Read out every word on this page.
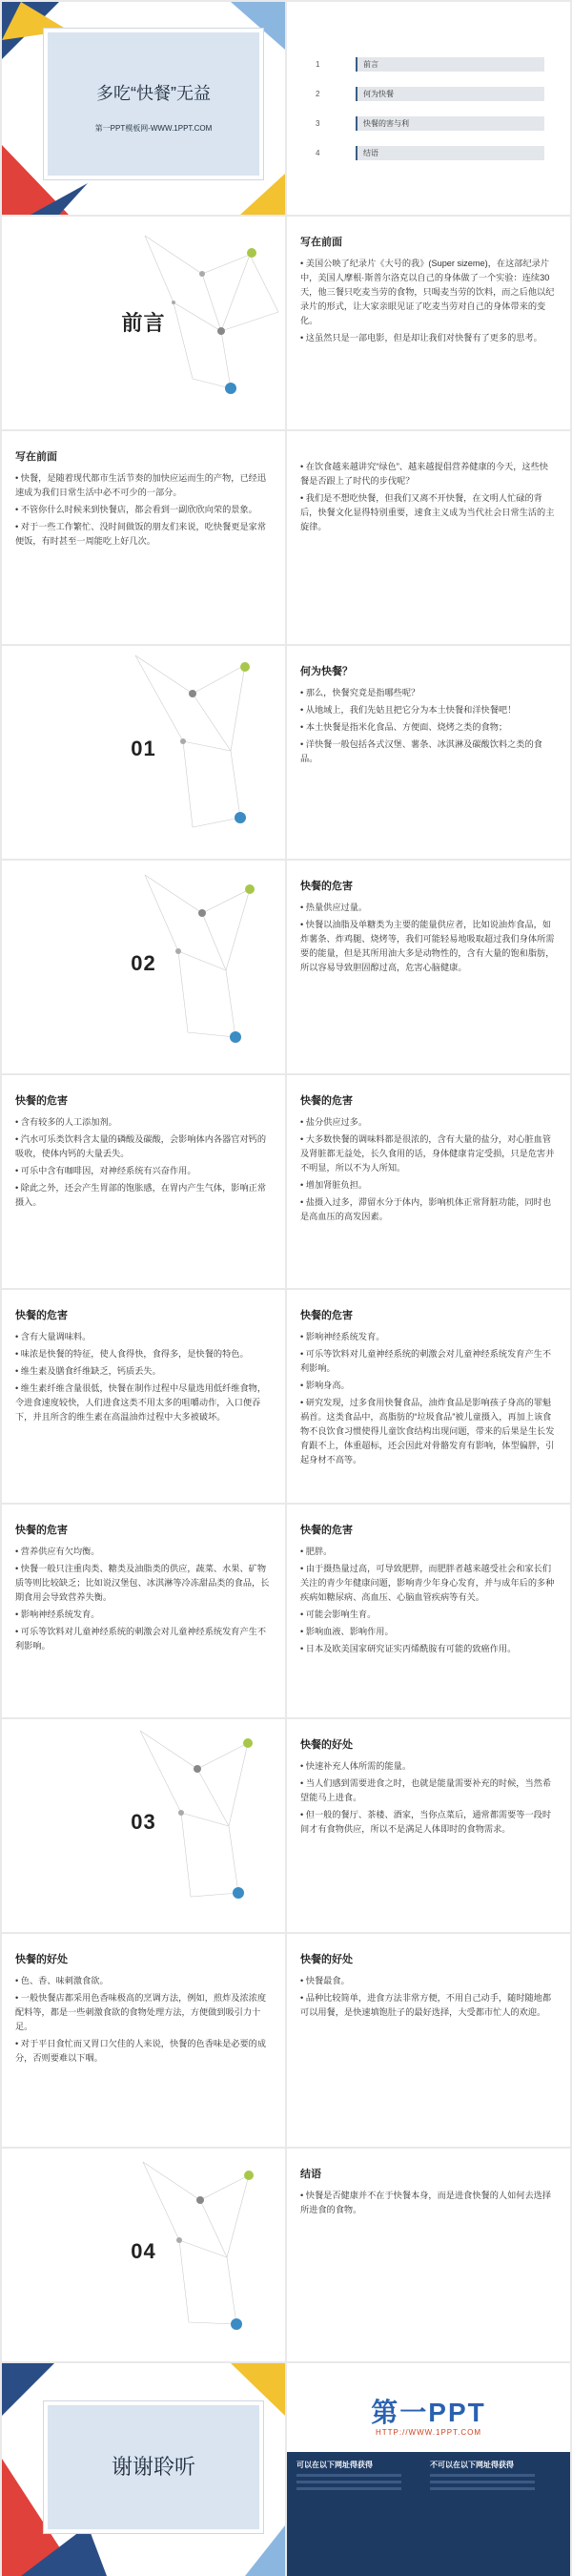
多吃“快餐”无益
第一PPT模板网-WWW.1PPT.COM
1	前言
2	何为快餐
3	快餐的害与利
4	结语
前言
写在前面
• 美国公映了纪录片《大号的我》(Super sizeme)，在这部纪录片中，美国人摩根·斯普尔洛克以自己的身体做了一个实验：连续30天，他三餐只吃麦当劳的食物，只喝麦当劳的饮料，而之后他以纪录片的形式，让大家亲眼见证了吃麦当劳对自己的身体带来的变化。
• 这虽然只是一部电影，但是却让我们对快餐有了更多的思考。
写在前面
• 快餐，是随着现代都市生活节奏的加快应运而生的产物，已经迅速成为我们日常生活中必不可少的一部分。
• 不管你什么时候来到快餐店，都会看到一副欣欣向荣的景象。
• 对于一些工作繁忙、没时间做饭的朋友们来说，吃快餐更是家常便饭，有时甚至一周能吃上好几次。
• 在饮食越来越讲究“绿色”、越来越提倡营养健康的今天，这些快餐是否跟上了时代的步伐呢？
• 我们是不想吃快餐，但我们又离不开快餐，在文明人忙碌的背后，快餐文化显得特别重要，速食主义成为当代社会日常生活的主旋律。
01
何为快餐？
• 那么，快餐究竟是指哪些呢？
• 从地域上，我们先姑且把它分为本土快餐和洋快餐吧！
• 本土快餐是指米化食品、方便面、烧烤之类的食物；
• 洋快餐一般包括各式汉堡、薯条、冰淇淋及碳酸饮料之类的食品。
02
快餐的危害
• 热量供应过量。
• 快餐以油脂及单糖类为主要的能量供应者，比如说油炸食品，如炸薯条、炸鸡腿、烧烤等，我们可能轻易地吸取超过我们身体所需要的能量，但是其所用油大多是动物性的，含有大量的饱和脂肪，所以容易导致胆固醇过高，危害心脑健康。
快餐的危害
• 含有较多的人工添加剂。
• 汽水可乐类饮料含太量的磷酸及碳酸，会影响体内各器官对钙的吸收，使体内钙的大量丢失。
• 可乐中含有咖啡因，对神经系统有兴奋作用。
• 除此之外，还会产生胃部的饱胀感，在胃内产生气体，影响正常摄入。
快餐的危害
• 盐分供应过多。
• 大多数快餐的调味料都是很浓的，含有大量的盐分，对心脏血管及肾脏都无益处，长久食用的话，身体健康肯定受损，只是危害并不明显，所以不为人所知。
• 增加肾脏负担。
• 盐摄入过多，滞留水分于体内，影响机体正常肾脏功能，同时也是高血压的高发因素。
快餐的危害
• 含有大量调味料。
• 味浓是快餐的特征，使人食得快，食得多，是快餐的特色。
• 维生素及膳食纤维缺乏，钙质丢失。
• 维生素纤维含量很低，快餐在制作过程中尽量选用低纤维食物，令进食速度较快，人们进食这类不用太多的咀嚼动作，入口便吞下，并且所含的维生素在高温油炸过程中大多被破坏。
快餐的危害
• 影响神经系统发育。
• 可乐等饮料对儿童神经系统的刺激会对儿童神经系统发育产生不利影响。
• 影响身高。
• 研究发现，过多食用快餐食品，油炸食品是影响孩子身高的罪魁祸首。这类食品中，高脂肪的“垃圾食品”被儿童摄入，再加上该食物不良饮食习惯使得儿童饮食结构出现问题，带来的后果是生长发育跟不上，体重超标，还会因此对骨骼发育有影响，体型偏胖，引起身材不高等。
快餐的危害
• 营养供应有欠均衡。
• 快餐一般只注重肉类、糖类及油脂类的供应，蔬菜、水果、矿物质等则比较缺乏；比如说汉堡包、冰淇淋等冷冻甜品类的食品，长期食用会导致营养失衡。
• 影响神经系统发育。
• 可乐等饮料对儿童神经系统的刺激会对儿童神经系统发育产生不利影响。
快餐的危害
• 肥胖。
• 由于摄热量过高，可导致肥胖，而肥胖者越来越受社会和家长们关注的青少年健康问题，影响青少年身心发育，并与成年后的多种疾病如糖尿病、高血压、心脑血管疾病等有关。
• 可能会影响生育。
• 影响血液、影响作用。
• 日本及欧美国家研究证实丙烯酰胺有可能的致癌作用。
03
快餐的好处
• 快速补充人体所需的能量。
• 当人们感到需要进食之时，也就是能量需要补充的时候，当然希望能马上进食。
• 但一般的餐厅、茶楼、酒家，当你点菜后，通常都需要等一段时间才有食物供应，所以不是满足人体即时的食物需求。
快餐的好处
• 色、香、味刺激食欲。
• 一般快餐店都采用色香味极高的烹调方法，例如，煎炸及浓浓度配料等，都是一些刺激食欲的食物处理方法，方便做到吸引力十足。
• 对于平日食忙而又胃口欠佳的人来说，快餐的色香味是必要的成分，否则要难以下咽。
快餐的好处
• 快餐最食。
• 品种比较简单，进食方法非常方便，不用自己动手，随时随地都可以用餐，是快速填饱肚子的最好选择，大受都市忙人的欢迎。
04
结语
• 快餐是否健康并不在于快餐本身，而是进食快餐的人如何去选择所进食的食物。
谢谢聆听
第一PPT
HTTP://WWW.1PPT.COM
可以在以下网址得获得	不可以在以下网址得获得
